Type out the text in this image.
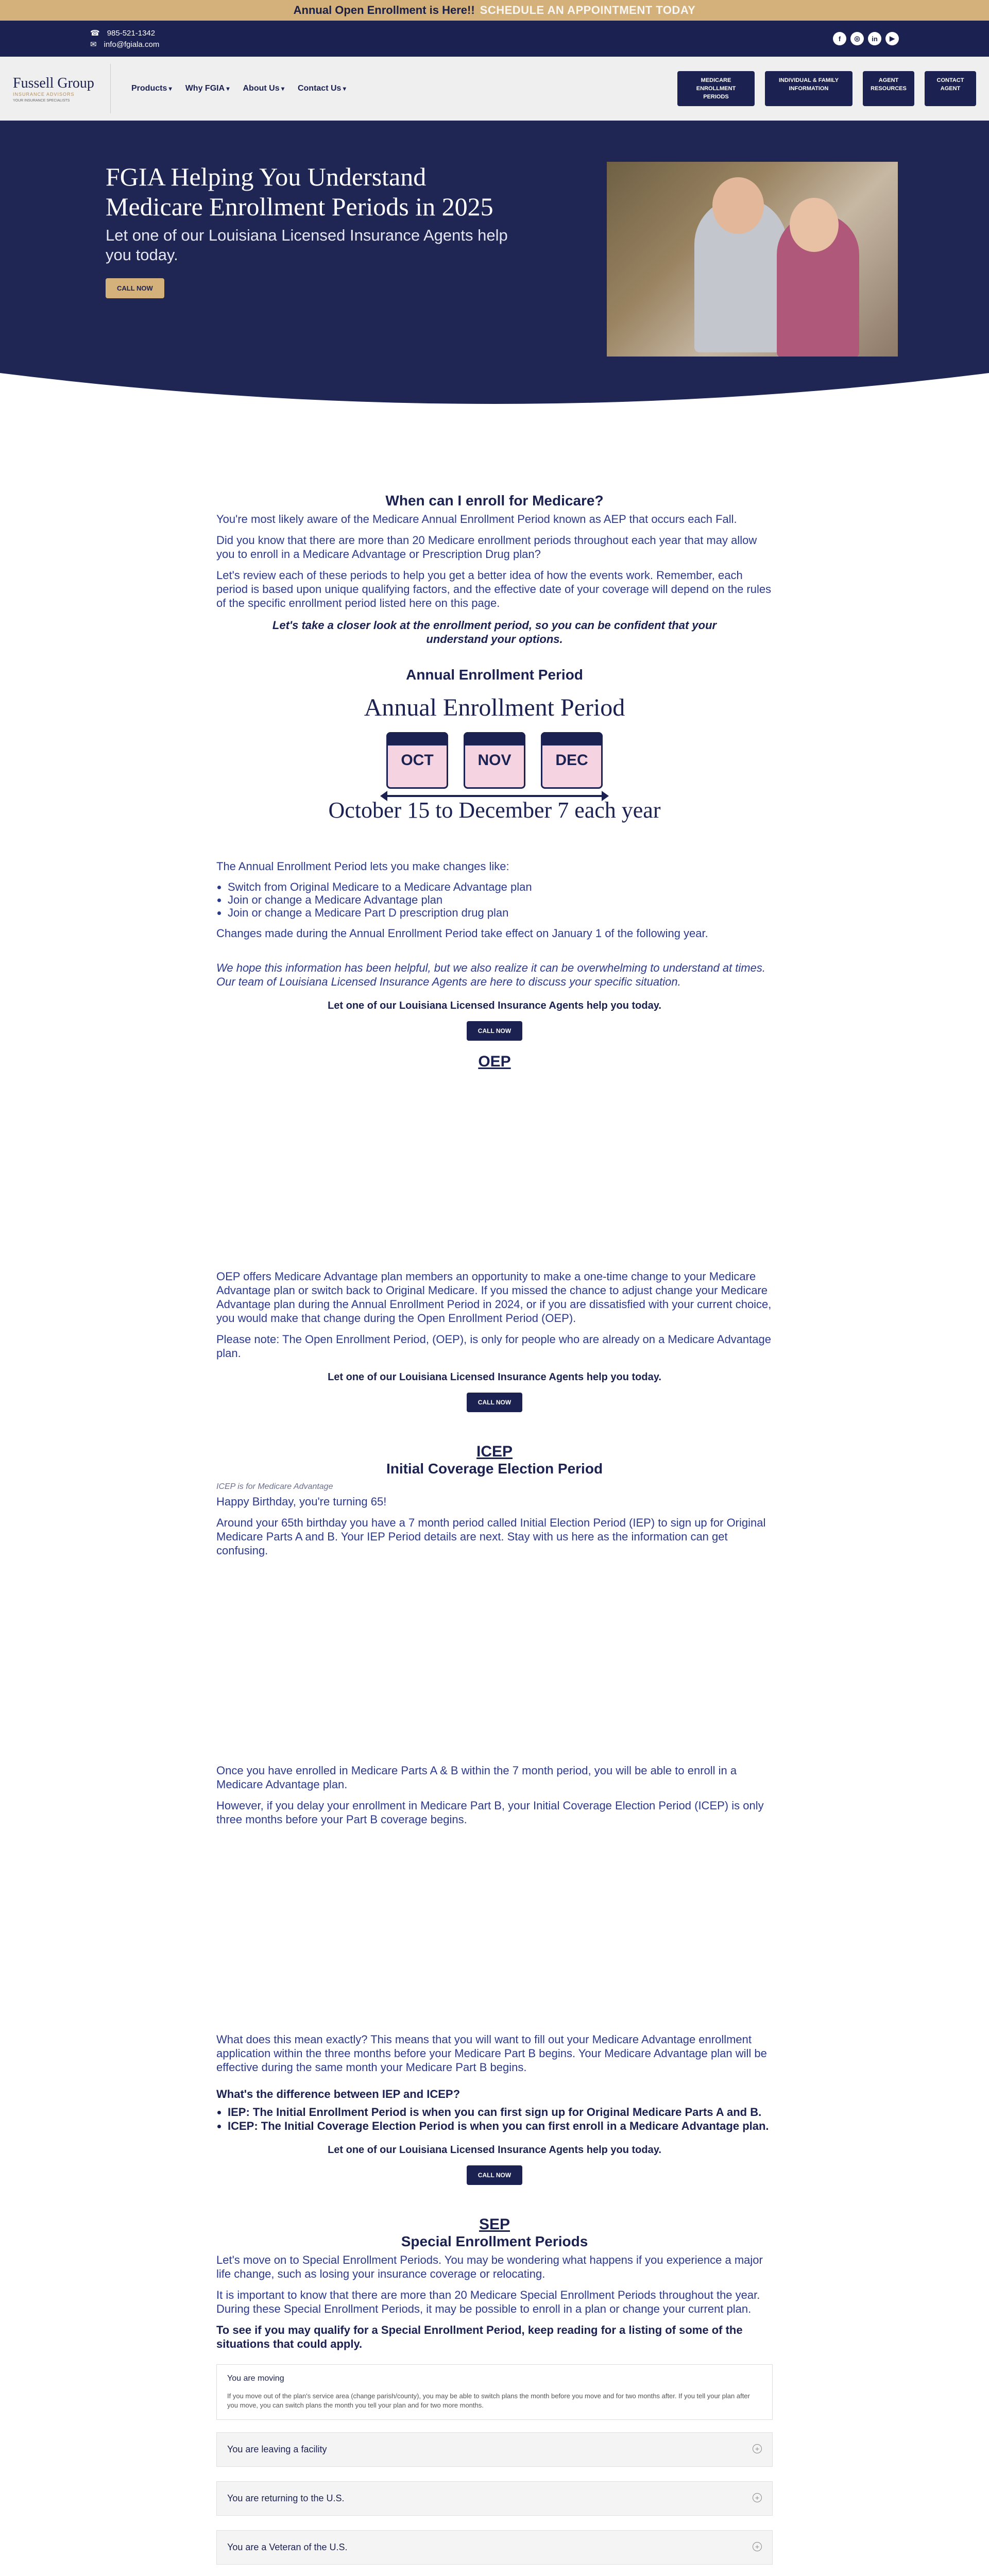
Annual Open Enrollment is Here!! SCHEDULE AN APPOINTMENT TODAY
☎ 985-521-1342
✉ info@fgiala.com
f	◎	in	▶
Fussell Group
INSURANCE ADVISORS
YOUR INSURANCE SPECIALISTS
Products ▾	Why FGIA ▾	About Us ▾	Contact Us ▾
MEDICARE ENROLLMENT PERIODS
INDIVIDUAL & FAMILY INFORMATION
AGENT RESOURCES
CONTACT AGENT
FGIA Helping You Understand Medicare Enrollment Periods in 2025

Let one of our Louisiana Licensed Insurance Agents help you today.

CALL NOW
When can I enroll for Medicare?

You're most likely aware of the Medicare Annual Enrollment Period known as AEP that occurs each Fall.

Did you know that there are more than 20 Medicare enrollment periods throughout each year that may allow you to enroll in a Medicare Advantage or Prescription Drug plan?

Let's review each of these periods to help you get a better idea of how the events work. Remember, each period is based upon unique qualifying factors, and the effective date of your coverage will depend on the rules of the specific enrollment period listed here on this page.

Let's take a closer look at the enrollment period, so you can be confident that your understand your options.
Annual Enrollment Period
Annual Enrollment Period
OCT	NOV	DEC
October 15 to December 7 each year

The Annual Enrollment Period lets you make changes like:

• Switch from Original Medicare to a Medicare Advantage plan
• Join or change a Medicare Advantage plan
• Join or change a Medicare Part D prescription drug plan

Changes made during the Annual Enrollment Period take effect on January 1 of the following year.

We hope this information has been helpful, but we also realize it can be overwhelming to understand at times. Our team of Louisiana Licensed Insurance Agents are here to discuss your specific situation.

Let one of our Louisiana Licensed Insurance Agents help you today.
CALL NOW
OEP

OEP offers Medicare Advantage plan members an opportunity to make a one-time change to your Medicare Advantage plan or switch back to Original Medicare. If you missed the chance to adjust change your Medicare Advantage plan during the Annual Enrollment Period in 2024, or if you are dissatisfied with your current choice, you would make that change during the Open Enrollment Period (OEP).

Please note: The Open Enrollment Period, (OEP), is only for people who are already on a Medicare Advantage plan.

Let one of our Louisiana Licensed Insurance Agents help you today.
CALL NOW
ICEP
Initial Coverage Election Period

ICEP is for Medicare Advantage

Happy Birthday, you're turning 65!

Around your 65th birthday you have a 7 month period called Initial Election Period (IEP) to sign up for Original Medicare Parts A and B. Your IEP Period details are next. Stay with us here as the information can get confusing.

Once you have enrolled in Medicare Parts A & B within the 7 month period, you will be able to enroll in a Medicare Advantage plan.

However, if you delay your enrollment in Medicare Part B, your Initial Coverage Election Period (ICEP) is only three months before your Part B coverage begins.

What does this mean exactly? This means that you will want to fill out your Medicare Advantage enrollment application within the three months before your Medicare Part B begins. Your Medicare Advantage plan will be effective during the same month your Medicare Part B begins.

What's the difference between IEP and ICEP?
• IEP: The Initial Enrollment Period is when you can first sign up for Original Medicare Parts A and B.
• ICEP: The Initial Coverage Election Period is when you can first enroll in a Medicare Advantage plan.
Let one of our Louisiana Licensed Insurance Agents help you today.
CALL NOW
SEP
Special Enrollment Periods

Let's move on to Special Enrollment Periods. You may be wondering what happens if you experience a major life change, such as losing your insurance coverage or relocating.

It is important to know that there are more than 20 Medicare Special Enrollment Periods throughout the year. During these Special Enrollment Periods, it may be possible to enroll in a plan or change your current plan.

To see if you may qualify for a Special Enrollment Period, keep reading for a listing of some of the situations that could apply.

You are moving
If you move out of the plan's service area (change parish/county), you may be able to switch plans the month before you move and for two months after. If you tell your plan after you move, you can switch plans the month you tell your plan and for two more months.
You are leaving a facility	+
You are returning to the U.S.	+
You are a Veteran of the U.S.	+
